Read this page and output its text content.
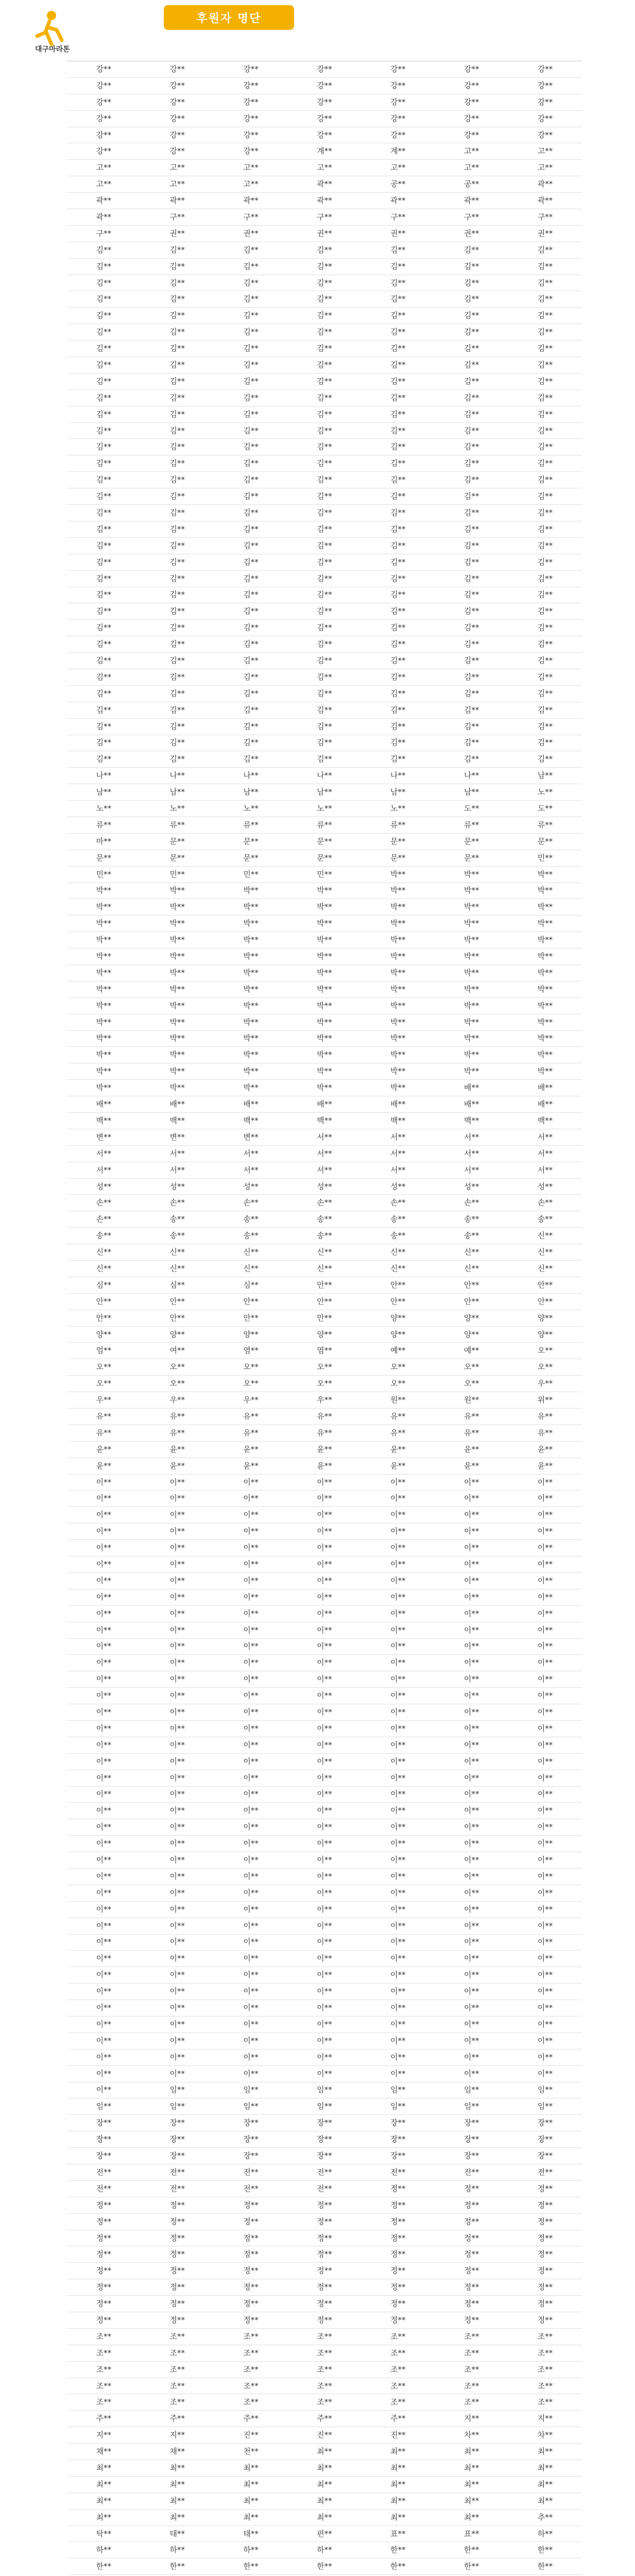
대구마라톤
후원자 명단
강**	강**	강**	강**	강**	강**	강**
강**	강**	강**	강**	강**	강**	강**
강**	강**	강**	강**	강**	강**	강**
강**	강**	강**	강**	강**	강**	강**
강**	강**	강**	강**	강**	강**	강**
강**	강**	강**	계**	계**	고**	고**
고**	고**	고**	고**	고**	고**	고**
고**	고**	고**	곽**	공**	공**	곽**
곽**	곽**	곽**	곽**	곽**	곽**	곽**
곽**	구**	구**	구**	구**	구**	구**
구**	권**	권**	권**	권**	권**	권**
김**	김**	김**	김**	김**	김**	김**
김**	김**	김**	김**	김**	김**	김**
김**	김**	김**	김**	김**	김**	김**
김**	김**	김**	김**	김**	김**	김**
김**	김**	김**	김**	김**	김**	김**
김**	김**	김**	김**	김**	김**	김**
김**	김**	김**	김**	김**	김**	김**
김**	김**	김**	김**	김**	김**	김**
김**	김**	김**	김**	김**	김**	김**
김**	김**	김**	김**	김**	김**	김**
김**	김**	김**	김**	김**	김**	김**
김**	김**	김**	김**	김**	김**	김**
김**	김**	김**	김**	김**	김**	김**
김**	김**	김**	김**	김**	김**	김**
김**	김**	김**	김**	김**	김**	김**
김**	김**	김**	김**	김**	김**	김**
김**	김**	김**	김**	김**	김**	김**
김**	김**	김**	김**	김**	김**	김**
김**	김**	김**	김**	김**	김**	김**
김**	김**	김**	김**	김**	김**	김**
김**	김**	김**	김**	김**	김**	김**
김**	김**	김**	김**	김**	김**	김**
김**	김**	김**	김**	김**	김**	김**
김**	김**	김**	김**	김**	김**	김**
김**	김**	김**	김**	김**	김**	김**
김**	김**	김**	김**	김**	김**	김**
김**	김**	김**	김**	김**	김**	김**
김**	김**	김**	김**	김**	김**	김**
김**	김**	김**	김**	김**	김**	김**
김**	김**	김**	김**	김**	김**	김**
김**	김**	김**	김**	김**	김**	김**
김**	김**	김**	김**	김**	김**	김**
나**	나**	나**	나**	나**	나**	남**
남**	남**	남**	남**	남**	남**	노**
노**	노**	노**	노**	노**	도**	도**
류**	류**	류**	류**	류**	류**	류**
마**	문**	문**	문**	문**	문**	문**
문**	문**	문**	문**	문**	문**	민**
민**	민**	민**	민**	박**	박**	박**
박**	박**	박**	박**	박**	박**	박**
박**	박**	박**	박**	박**	박**	박**
박**	박**	박**	박**	박**	박**	박**
박**	박**	박**	박**	박**	박**	박**
박**	박**	박**	박**	박**	박**	박**
박**	박**	박**	박**	박**	박**	박**
박**	박**	박**	박**	박**	박**	박**
박**	박**	박**	박**	박**	박**	박**
박**	박**	박**	박**	박**	박**	박**
박**	박**	박**	박**	박**	박**	박**
박**	박**	박**	박**	박**	박**	박**
박**	박**	박**	박**	박**	박**	박**
박**	박**	박**	박**	박**	배**	배**
배**	배**	배**	배**	배**	배**	배**
백**	백**	백**	백**	백**	백**	백**
변**	변**	변**	서**	서**	서**	서**
서**	서**	서**	서**	서**	서**	서**
서**	서**	서**	서**	서**	서**	서**
성**	성**	성**	성**	성**	성**	성**
손**	손**	손**	손**	손**	손**	손**
손**	송**	송**	송**	송**	송**	송**
송**	송**	송**	송**	송**	송**	신**
신**	신**	신**	신**	신**	신**	신**
신**	신**	신**	신**	신**	신**	신**
심**	심**	심**	안**	안**	안**	안**
안**	안**	안**	안**	안**	안**	안**
안**	안**	안**	안**	양**	양**	양**
양**	양**	양**	양**	양**	양**	양**
엄**	여**	염**	염**	예**	예**	오**
오**	오**	오**	오**	오**	오**	오**
오**	오**	오**	오**	오**	오**	우**
우**	우**	우**	우**	원**	원**	위**
유**	유**	유**	유**	유**	유**	유**
유**	유**	유**	유**	유**	유**	유**
윤**	윤**	윤**	윤**	윤**	윤**	윤**
윤**	윤**	윤**	윤**	윤**	윤**	윤**
이**	이**	이**	이**	이**	이**	이**
이**	이**	이**	이**	이**	이**	이**
이**	이**	이**	이**	이**	이**	이**
이**	이**	이**	이**	이**	이**	이**
이**	이**	이**	이**	이**	이**	이**
이**	이**	이**	이**	이**	이**	이**
이**	이**	이**	이**	이**	이**	이**
이**	이**	이**	이**	이**	이**	이**
이**	이**	이**	이**	이**	이**	이**
이**	이**	이**	이**	이**	이**	이**
이**	이**	이**	이**	이**	이**	이**
이**	이**	이**	이**	이**	이**	이**
이**	이**	이**	이**	이**	이**	이**
이**	이**	이**	이**	이**	이**	이**
이**	이**	이**	이**	이**	이**	이**
이**	이**	이**	이**	이**	이**	이**
이**	이**	이**	이**	이**	이**	이**
이**	이**	이**	이**	이**	이**	이**
이**	이**	이**	이**	이**	이**	이**
이**	이**	이**	이**	이**	이**	이**
이**	이**	이**	이**	이**	이**	이**
이**	이**	이**	이**	이**	이**	이**
이**	이**	이**	이**	이**	이**	이**
이**	이**	이**	이**	이**	이**	이**
이**	이**	이**	이**	이**	이**	이**
이**	이**	이**	이**	이**	이**	이**
이**	이**	이**	이**	이**	이**	이**
이**	이**	이**	이**	이**	이**	이**
이**	이**	이**	이**	이**	이**	이**
이**	이**	이**	이**	이**	이**	이**
이**	이**	이**	이**	이**	이**	이**
이**	이**	이**	이**	이**	이**	이**
이**	이**	이**	이**	이**	이**	이**
이**	이**	이**	이**	이**	이**	이**
이**	이**	이**	이**	이**	이**	이**
이**	이**	이**	이**	이**	이**	이**
이**	이**	이**	이**	이**	이**	이**
이**	임**	임**	임**	임**	임**	임**
임**	임**	임**	임**	임**	임**	임**
장**	장**	장**	장**	장**	장**	장**
장**	장**	장**	장**	장**	장**	장**
장**	장**	장**	장**	장**	장**	장**
전**	전**	전**	전**	전**	전**	전**
전**	전**	전**	전**	정**	정**	정**
정**	정**	정**	정**	정**	정**	정**
정**	정**	정**	정**	정**	정**	정**
정**	정**	정**	정**	정**	정**	정**
정**	정**	정**	정**	정**	정**	정**
정**	정**	정**	정**	정**	정**	정**
정**	정**	정**	정**	정**	정**	정**
정**	정**	정**	정**	정**	정**	정**
정**	정**	정**	정**	정**	정**	정**
조**	조**	조**	조**	조**	조**	조**
조**	조**	조**	조**	조**	조**	조**
조**	조**	조**	조**	조**	조**	조**
조**	조**	조**	조**	조**	조**	조**
조**	조**	조**	조**	조**	조**	조**
주**	주**	주**	주**	주**	지**	지**
지**	지**	진**	진**	진**	차**	차**
채**	채**	천**	최**	최**	최**	최**
최**	최**	최**	최**	최**	최**	최**
최**	최**	최**	최**	최**	최**	최**
최**	최**	최**	최**	최**	최**	최**
최**	최**	최**	최**	최**	최**	추**
탁**	태**	태**	편**	표**	표**	하**
하**	하**	하**	하**	한**	한**	한**
한**	한**	한**	한**	한**	한**	한**
